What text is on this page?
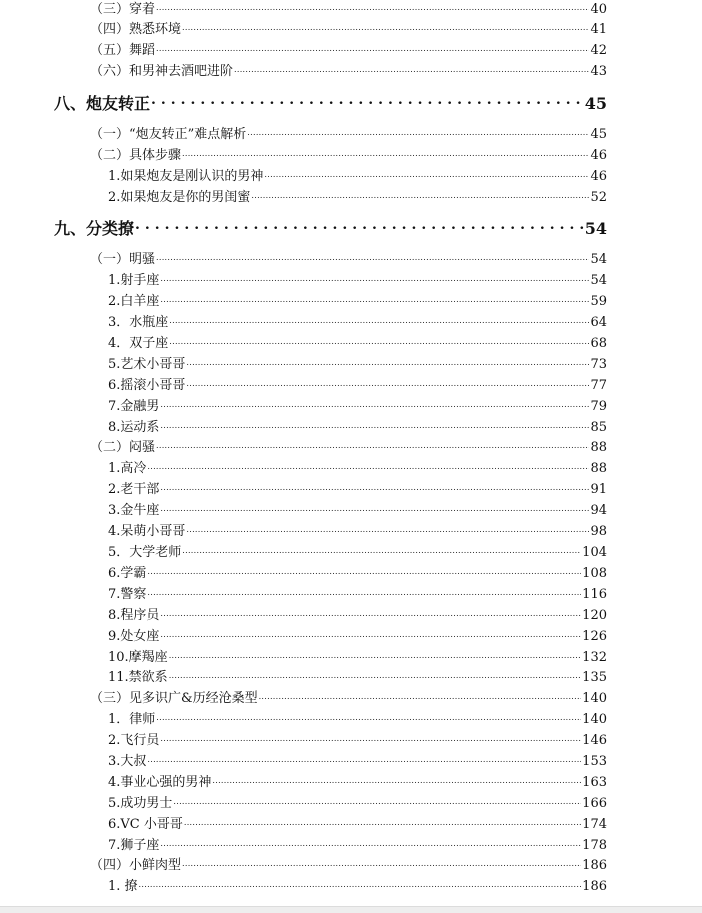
（三）穿着 .....	40
（四）熟悉环境 .....	41
（五）舞蹈 .....	42
（六）和男神去酒吧进阶 .....	43
八、炮友转正 .....	45
（一）“炮友转正”难点解析 .....	45
（二）具体步骤 .....	46
1.如果炮友是刚认识的男神 .....	46
2.如果炮友是你的男闺蜜 .....	52
九、分类撩 .....	54
（一）明骚 .....	54
1.射手座 .....	54
2.白羊座 .....	59
3．水瓶座 .....	64
4．双子座 .....	68
5.艺术小哥哥 .....	73
6.摇滚小哥哥 .....	77
7.金融男 .....	79
8.运动系 .....	85
（二）闷骚 .....	88
1.高冷 .....	88
2.老干部 .....	91
3.金牛座 .....	94
4.呆萌小哥哥 .....	98
5．大学老师 .....	104
6.学霸 .....	108
7.警察 .....	116
8.程序员 .....	120
9.处女座 .....	126
10.摩羯座 .....	132
11.禁欲系 .....	135
（三）见多识广&历经沧桑型 .....	140
1．律师 .....	140
2.飞行员 .....	146
3.大叔 .....	153
4.事业心强的男神 .....	163
5.成功男士 .....	166
6.VC 小哥哥 .....	174
7.狮子座 .....	178
（四）小鲜肉型 .....	186
1. 撩 .....	186
